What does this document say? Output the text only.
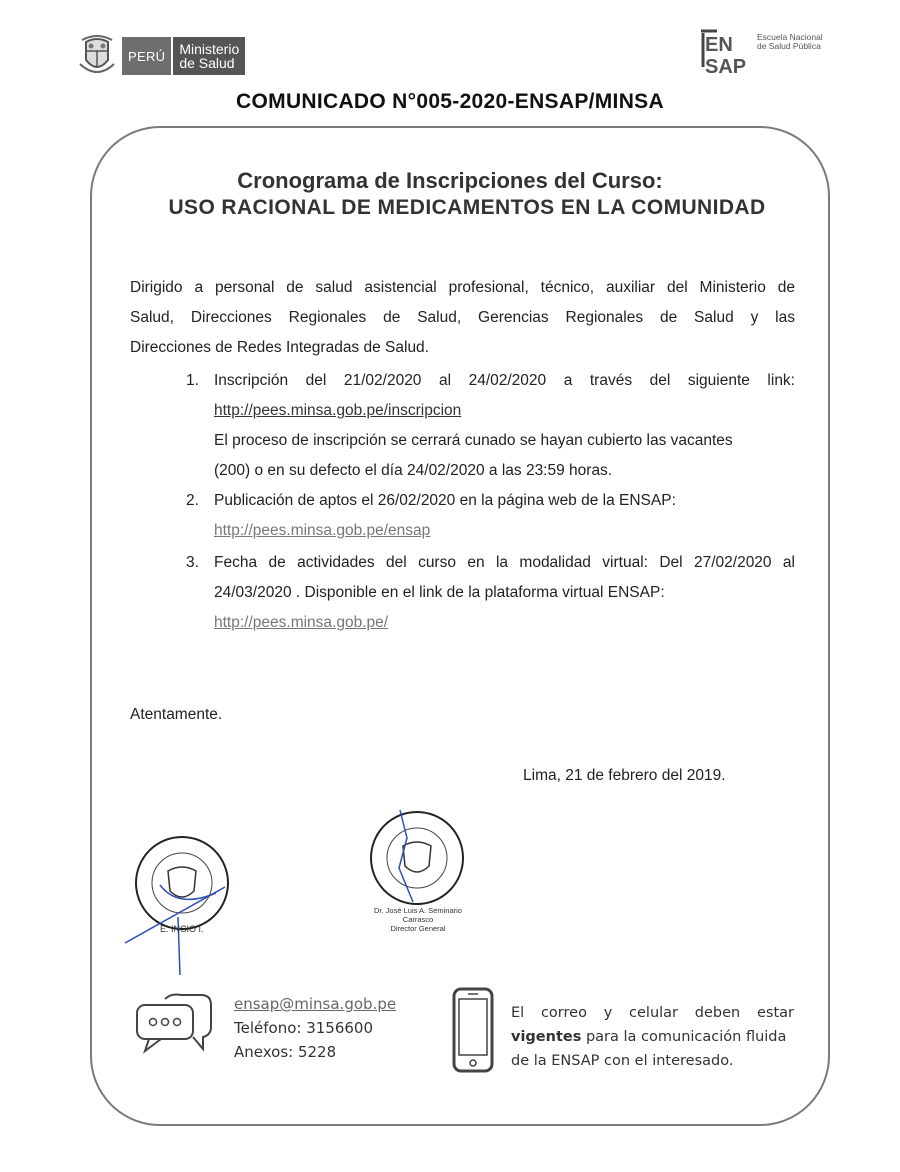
PERÚ	Ministerio
de Salud
EN
SAP
Escuela Nacional
de Salud Pública
COMUNICADO N°005-2020-ENSAP/MINSA
Cronograma de Inscripciones del Curso:
USO RACIONAL DE MEDICAMENTOS EN LA COMUNIDAD

Dirigido a personal de salud asistencial profesional, técnico, auxiliar del Ministerio de

Salud, Direcciones Regionales de Salud, Gerencias Regionales de Salud y las

Direcciones de Redes Integradas de Salud.

1. Inscripción del 21/02/2020 al 24/02/2020 a través del siguiente link:
http://pees.minsa.gob.pe/inscripcion
El proceso de inscripción se cerrará cunado se hayan cubierto las vacantes
(200) o en su defecto el día 24/02/2020 a las 23:59 horas.
2. Publicación de aptos el 26/02/2020 en la página web de la ENSAP:
http://pees.minsa.gob.pe/ensap
3. Fecha de actividades del curso en la modalidad virtual: Del 27/02/2020 al
24/03/2020 . Disponible en el link de la plataforma virtual ENSAP:
http://pees.minsa.gob.pe/
Atentamente.
Lima, 21 de febrero del 2019.
E. INCIO I.
Dr. José Luis A. Seminario Carrasco
Director General
ensap@minsa.gob.pe
Teléfono: 3156600
Anexos: 5228
El correo y celular deben estar
vigentes para la comunicación fluida de la ENSAP con el interesado.
